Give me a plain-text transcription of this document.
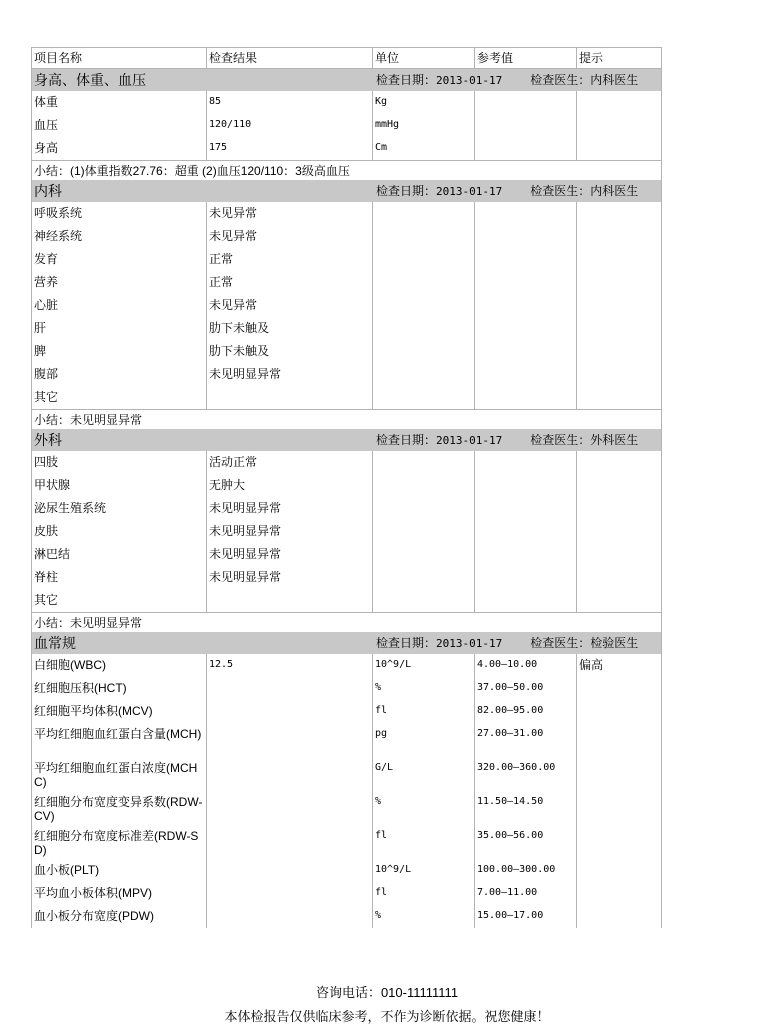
项目名称	检查结果	单位	参考值	提示

身高、体重、血压 检查日期：2013-01-17 检查医生：内科医生				

体重	85	Kg		
血压	120/110	mmHg		
身高	175	Cm		
小结：(1)体重指数27.76：超重 (2)血压120/110：3级高血压				

内科 检查日期：2013-01-17 检查医生：内科医生				

呼吸系统	未见异常			
神经系统	未见异常			
发育	正常			
营养	正常			
心脏	未见异常			
肝	肋下未触及			
脾	肋下未触及			
腹部	未见明显异常			
其它				
小结：未见明显异常				

外科 检查日期：2013-01-17 检查医生：外科医生				

四肢	活动正常			
甲状腺	无肿大			
泌尿生殖系统	未见明显异常			
皮肤	未见明显异常			
淋巴结	未见明显异常			
脊柱	未见明显异常			
其它				
小结：未见明显异常				

血常规 检查日期：2013-01-17 检查医生：检验医生				

白细胞(WBC)	12.5	10^9/L	4.00—10.00	偏高
红细胞压积(HCT)		%	37.00—50.00	
红细胞平均体积(MCV)		fl	82.00—95.00	
平均红细胞血红蛋白含量(MCH)		pg	27.00—31.00	
平均红细胞血红蛋白浓度(MCHC)		G/L	320.00—360.00	
红细胞分布宽度变异系数(RDW-CV)		%	11.50—14.50	
红细胞分布宽度标准差(RDW-SD)		fl	35.00—56.00	
血小板(PLT)		10^9/L	100.00—300.00	
平均血小板体积(MPV)		fl	7.00—11.00	
血小板分布宽度(PDW)		%	15.00—17.00	
咨询电话：010-11111111
本体检报告仅供临床参考，不作为诊断依据。祝您健康！
